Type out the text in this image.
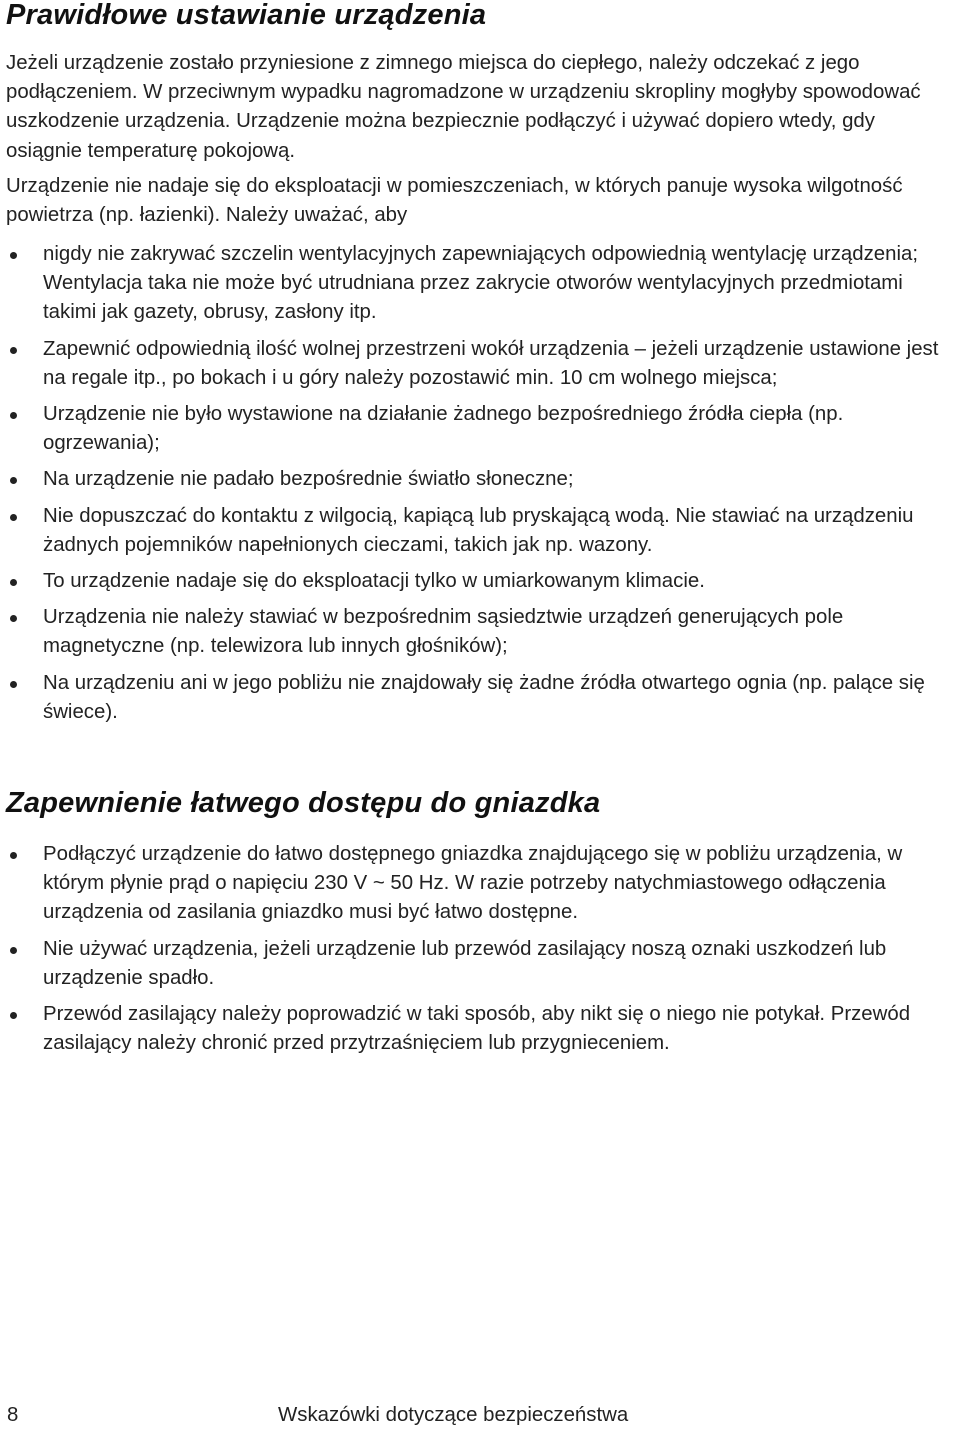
Prawidłowe ustawianie urządzenia

Jeżeli urządzenie zostało przyniesione z zimnego miejsca do ciepłego, należy odczekać z jego podłączeniem. W przeciwnym wypadku nagromadzone w urządzeniu skropliny mogłyby spowodować uszkodzenie urządzenia. Urządzenie można bezpiecznie podłączyć i używać dopiero wtedy, gdy osiągnie temperaturę pokojową.

Urządzenie nie nadaje się do eksploatacji w pomieszczeniach, w których panuje wysoka wilgotność powietrza (np. łazienki). Należy uważać, aby

nigdy nie zakrywać szczelin wentylacyjnych zapewniających odpowiednią wentylację urządzenia; Wentylacja taka nie może być utrudniana przez zakrycie otworów wentylacyjnych przedmiotami takimi jak gazety, obrusy, zasłony itp.
Zapewnić odpowiednią ilość wolnej przestrzeni wokół urządzenia – jeżeli urządzenie ustawione jest na regale itp., po bokach i u góry należy pozostawić min. 10 cm wolnego miejsca;
Urządzenie nie było wystawione na działanie żadnego bezpośredniego źródła ciepła (np. ogrzewania);
Na urządzenie nie padało bezpośrednie światło słoneczne;
Nie dopuszczać do kontaktu z wilgocią, kapiącą lub pryskającą wodą. Nie stawiać na urządzeniu żadnych pojemników napełnionych cieczami, takich jak np. wazony.
To urządzenie nadaje się do eksploatacji tylko w umiarkowanym klimacie.
Urządzenia nie należy stawiać w bezpośrednim sąsiedztwie urządzeń generujących pole magnetyczne (np. telewizora lub innych głośników);
Na urządzeniu ani w jego pobliżu nie znajdowały się żadne źródła otwartego ognia (np. palące się świece).
Zapewnienie łatwego dostępu do gniazdka
Podłączyć urządzenie do łatwo dostępnego gniazdka znajdującego się w pobliżu urządzenia, w którym płynie prąd o napięciu 230 V ~ 50 Hz. W razie potrzeby natychmiastowego odłączenia urządzenia od zasilania gniazdko musi być łatwo dostępne.
Nie używać urządzenia, jeżeli urządzenie lub przewód zasilający noszą oznaki uszkodzeń lub urządzenie spadło.
Przewód zasilający należy poprowadzić w taki sposób, aby nikt się o niego nie potykał. Przewód zasilający należy chronić przed przytrzaśnięciem lub przygnieceniem.
8	Wskazówki dotyczące bezpieczeństwa
